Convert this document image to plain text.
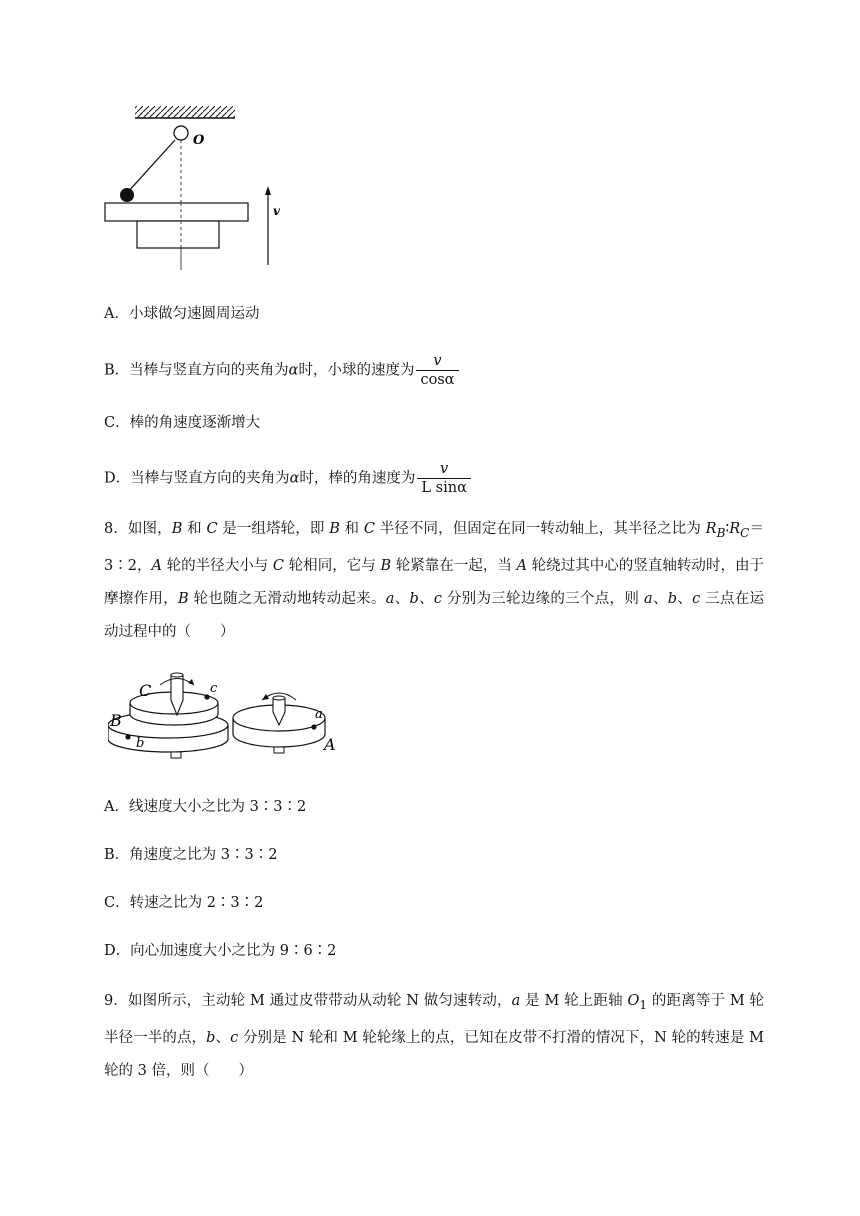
O
v
A．小球做匀速圆周运动
B．当棒与竖直方向的夹角为α时，小球的速度为 $\frac{v}{\cos\alpha}$
C．棒的角速度逐渐增大
D．当棒与竖直方向的夹角为α时，棒的角速度为 $\frac{v}{\text{L sinα}}$
8．如图，B 和 C 是一组塔轮，即 B 和 C 半径不同，但固定在同一转动轴上，其半径之比为 $R_B∶R_C=3∶2$，A 轮的半径大小与 C 轮相同，它与 B 轮紧靠在一起，当 A 轮绕过其中心的竖直轴转动时，由于摩擦作用，B 轮也随之无滑动地转动起来。a、b、c 分别为三轮边缘的三个点，则 a、b、c 三点在运动过程中的（　　）
C	c
B
b
a
A
A．线速度大小之比为 3∶3∶2
B．角速度之比为 3∶3∶2
C．转速之比为 2∶3∶2
D．向心加速度大小之比为 9∶6∶2
9．如图所示，主动轮 M 通过皮带带动从动轮 N 做匀速转动，a 是 M 轮上距轴 $O_1$ 的距离等于 M 轮半径一半的点，b、c 分别是 N 轮和 M 轮轮缘上的点，已知在皮带不打滑的情况下，N 轮的转速是 M 轮的 3 倍，则（　　）
